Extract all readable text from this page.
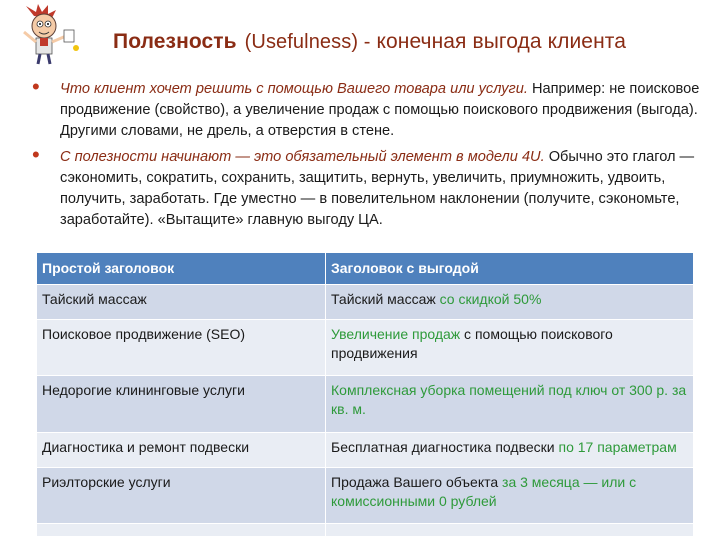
Полезность (Usefulness) - конечная выгода клиента
• Что клиент хочет решить с помощью Вашего товара или услуги. Например: не поисковое продвижение (свойство), а увеличение продаж с помощью поискового продвижения (выгода). Другими словами, не дрель, а отверстия в стене.
• С полезности начинают — это обязательный элемент в модели 4U. Обычно это глагол — сэкономить, сократить, сохранить, защитить, вернуть, увеличить, приумножить, удвоить, получить, заработать. Где уместно — в повелительном наклонении (получите, сэкономьте, заработайте). «Вытащите» главную выгоду ЦА.
Простой заголовок	Заголовок с выгодой
Тайский массаж	Тайский массаж со скидкой 50%
Поисковое продвижение (SEO)	Увеличение продаж с помощью поискового продвижения
Недорогие клининговые услуги	Комплексная уборка помещений под ключ от 300 р. за кв. м.
Диагностика и ремонт подвески	Бесплатная диагностика подвески по 17 параметрам
Риэлторские услуги	Продажа Вашего объекта за 3 месяца — или с комиссионными 0 рублей
